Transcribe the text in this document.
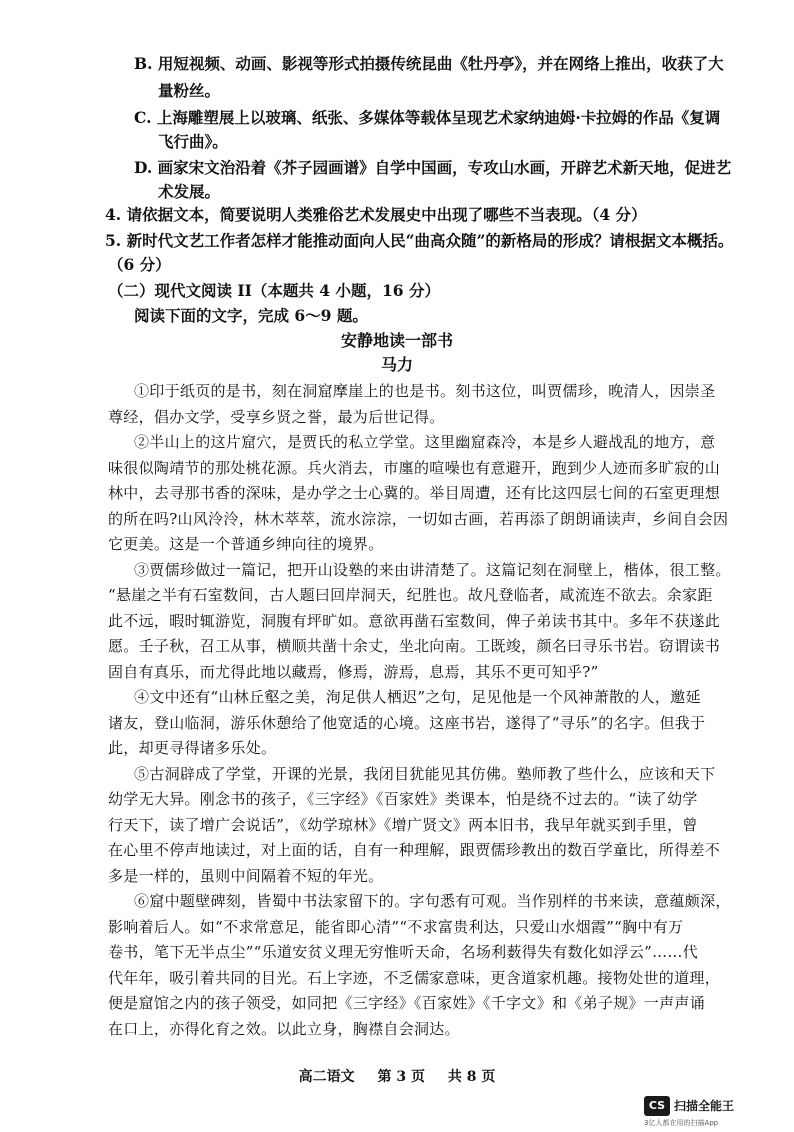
B. 用短视频、动画、影视等形式拍摄传统昆曲《牡丹亭》，并在网络上推出，收获了大
量粉丝。
C. 上海雕塑展上以玻璃、纸张、多媒体等载体呈现艺术家纳迪姆·卡拉姆的作品《复调
飞行曲》。
D. 画家宋文治沿着《芥子园画谱》自学中国画，专攻山水画，开辟艺术新天地，促进艺
术发展。
4. 请依据文本，简要说明人类雅俗艺术发展史中出现了哪些不当表现。（4 分）
5. 新时代文艺工作者怎样才能推动面向人民“曲高众随”的新格局的形成？请根据文本概括。
（6 分）
（二）现代文阅读 II（本题共 4 小题，16 分）
阅读下面的文字，完成 6～9 题。
安静地读一部书
马力
①印于纸页的是书，刻在洞窟摩崖上的也是书。刻书这位，叫贾儒珍，晚清人，因崇圣
尊经，倡办文学，受享乡贤之誉，最为后世记得。
②半山上的这片窟穴，是贾氏的私立学堂。这里幽窟森冷，本是乡人避战乱的地方，意
味很似陶靖节的那处桃花源。兵火消去，市廛的喧噪也有意避开，跑到少人迹而多旷寂的山
林中，去寻那书香的深味，是办学之士心冀的。举目周遭，还有比这四层七间的石室更理想
的所在吗?山风泠泠，林木萃萃，流水淙淙，一切如古画，若再添了朗朗诵读声，乡间自会因
它更美。这是一个普通乡绅向往的境界。
③贾儒珍做过一篇记，把开山设塾的来由讲清楚了。这篇记刻在洞壁上，楷体，很工整。
“悬崖之半有石室数间，古人题曰回岸洞天，纪胜也。故凡登临者，咸流连不欲去。余家距
此不远，暇时辄游览，洞腹有坪旷如。意欲再凿石室数间，俾子弟读书其中。多年不获遂此
愿。壬子秋，召工从事，横顺共凿十余丈，坐北向南。工既竣，颜名曰寻乐书岩。窃谓读书
固自有真乐，而尤得此地以藏焉，修焉，游焉，息焉，其乐不更可知乎?”
④文中还有“山林丘壑之美，洵足供人栖迟”之句，足见他是一个风神萧散的人，邀延
诸友，登山临洞，游乐休憩给了他宽适的心境。这座书岩，遂得了“寻乐”的名字。但我于
此，却更寻得诸多乐处。
⑤古洞辟成了学堂，开课的光景，我闭目犹能见其仿佛。塾师教了些什么，应该和天下
幼学无大异。刚念书的孩子，《三字经》《百家姓》类课本，怕是绕不过去的。“读了幼学
行天下，读了增广会说话”，《幼学琼林》《增广贤文》两本旧书，我早年就买到手里，曾
在心里不停声地读过，对上面的话，自有一种理解，跟贾儒珍教出的数百学童比，所得差不
多是一样的，虽则中间隔着不短的年光。
⑥窟中题壁碑刻，皆蜀中书法家留下的。字句悉有可观。当作别样的书来读，意蕴颇深，
影响着后人。如“不求常意足，能省即心清”“不求富贵利达，只爱山水烟霞”“胸中有万
卷书，笔下无半点尘”“乐道安贫义理无穷惟听天命，名场利薮得失有数化如浮云”……代
代年年，吸引着共同的目光。石上字迹，不乏儒家意味，更含道家机趣。接物处世的道理，
便是窟馆之内的孩子领受，如同把《三字经》《百家姓》《千字文》和《弟子规》一声声诵
在口上，亦得化育之效。以此立身，胸襟自会洞达。
高二语文 第 3 页 共 8 页
CS 扫描全能王
3亿人都在用的扫描App
